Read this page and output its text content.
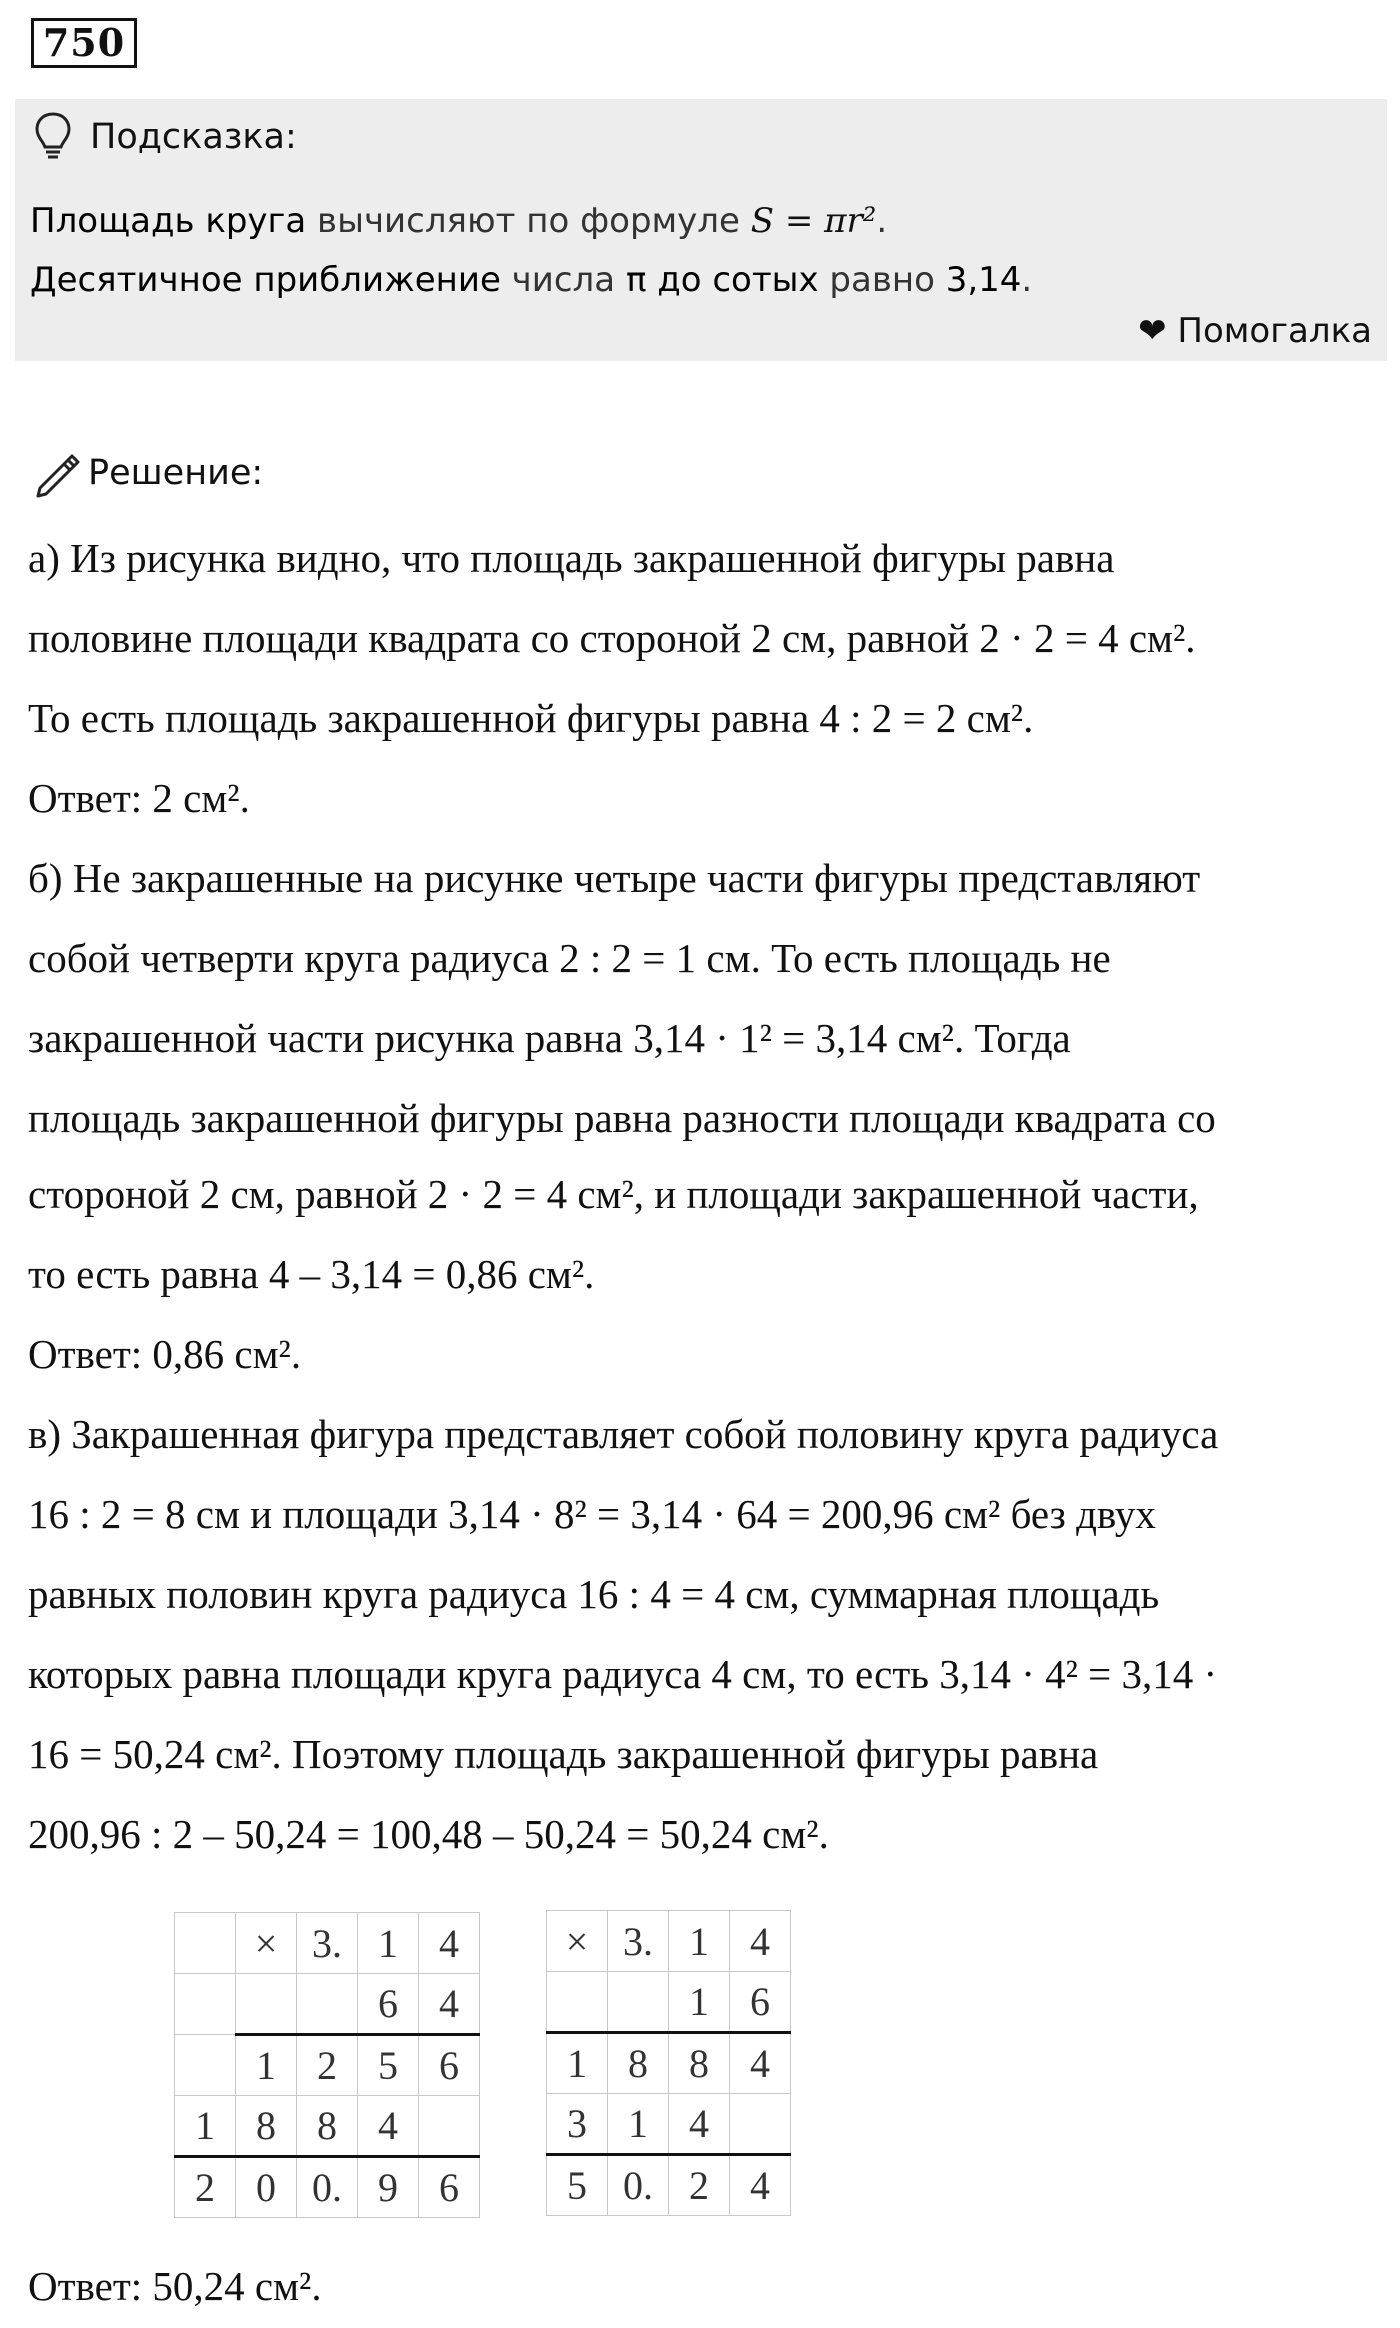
750
Подсказка:
Площадь круга вычисляют по формуле S = πr².
Десятичное приближение числа π до сотых равно 3,14.
❤ Помогалка
Решение:
а) Из рисунка видно, что площадь закрашенной фигуры равна
половине площади квадрата со стороной 2 см, равной 2 · 2 = 4 см².
То есть площадь закрашенной фигуры равна 4 : 2 = 2 см².
Ответ: 2 см².
б) Не закрашенные на рисунке четыре части фигуры представляют
собой четверти круга радиуса 2 : 2 = 1 см. То есть площадь не
закрашенной части рисунка равна 3,14 · 1² = 3,14 см². Тогда
площадь закрашенной фигуры равна разности площади квадрата со
стороной 2 см, равной 2 · 2 = 4 см², и площади закрашенной части,
то есть равна 4 – 3,14 = 0,86 см².
Ответ: 0,86 см².
в) Закрашенная фигура представляет собой половину круга радиуса
16 : 2 = 8 см и площади 3,14 · 8² = 3,14 · 64 = 200,96 см² без двух
равных половин круга радиуса 16 : 4 = 4 см, суммарная площадь
которых равна площади круга радиуса 4 см, то есть 3,14 · 4² = 3,14 ·
16 = 50,24 см². Поэтому площадь закрашенной фигуры равна
200,96 : 2 – 50,24 = 100,48 – 50,24 = 50,24 см².
	×	3.	1	4
			6	4
	1	2	5	6
1	8	8	4	
2	0	0.	9	6
×	3.	1	4
		1	6
1	8	8	4
3	1	4	
5	0.	2	4
Ответ: 50,24 см².
